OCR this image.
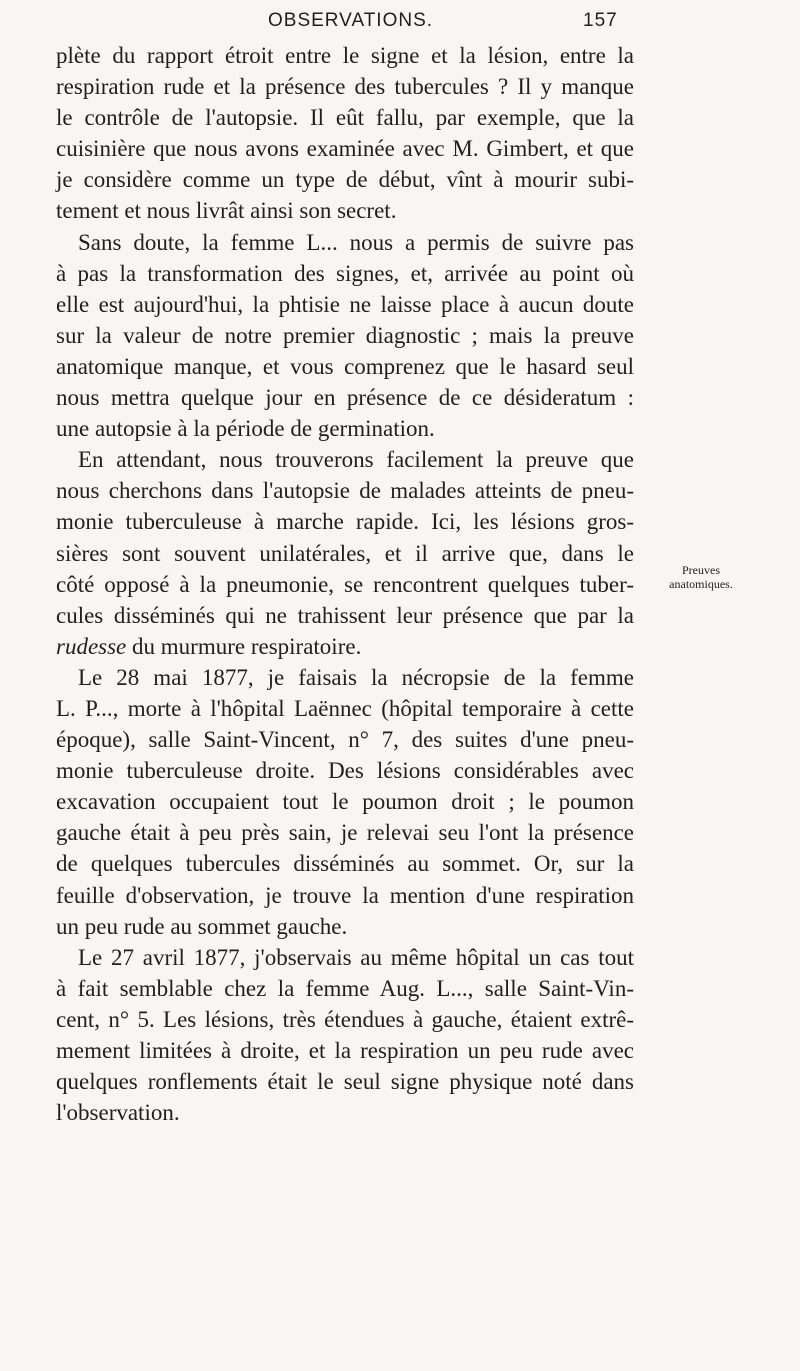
OBSERVATIONS.	157
plète du rapport étroit entre le signe et la lésion, entre la
respiration rude et la présence des tubercules ? Il y manque
le contrôle de l'autopsie. Il eût fallu, par exemple, que la
cuisinière que nous avons examinée avec M. Gimbert, et que
je considère comme un type de début, vînt à mourir subi-
tement et nous livrât ainsi son secret.
Sans doute, la femme L... nous a permis de suivre pas
à pas la transformation des signes, et, arrivée au point où
elle est aujourd'hui, la phtisie ne laisse place à aucun doute
sur la valeur de notre premier diagnostic ; mais la preuve
anatomique manque, et vous comprenez que le hasard seul
nous mettra quelque jour en présence de ce désideratum :
une autopsie à la période de germination.
En attendant, nous trouverons facilement la preuve que
nous cherchons dans l'autopsie de malades atteints de pneu-
monie tuberculeuse à marche rapide. Ici, les lésions gros-
sières sont souvent unilatérales, et il arrive que, dans le
côté opposé à la pneumonie, se rencontrent quelques tuber-
cules disséminés qui ne trahissent leur présence que par la
rudesse du murmure respiratoire.
Le 28 mai 1877, je faisais la nécropsie de la femme
L. P..., morte à l'hôpital Laënnec (hôpital temporaire à cette
époque), salle Saint-Vincent, n° 7, des suites d'une pneu-
monie tuberculeuse droite. Des lésions considérables avec
excavation occupaient tout le poumon droit ; le poumon
gauche était à peu près sain, je relevai seu l'ont la présence
de quelques tubercules disséminés au sommet. Or, sur la
feuille d'observation, je trouve la mention d'une respiration
un peu rude au sommet gauche.
Le 27 avril 1877, j'observais au même hôpital un cas tout
à fait semblable chez la femme Aug. L..., salle Saint-Vin-
cent, n° 5. Les lésions, très étendues à gauche, étaient extrê-
mement limitées à droite, et la respiration un peu rude avec
quelques ronflements était le seul signe physique noté dans
l'observation.
Preuves
anatomiques.
